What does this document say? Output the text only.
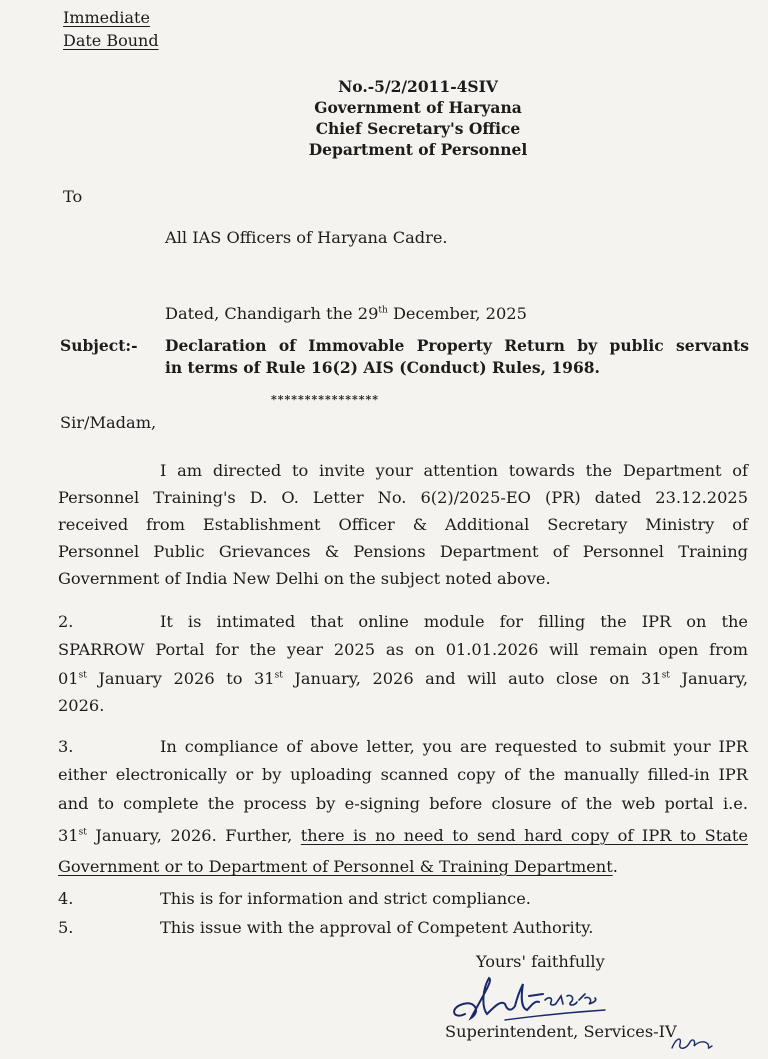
Immediate
Date Bound
No.-5/2/2011-4SIV
Government of Haryana
Chief Secretary's Office
Department of Personnel
To
All IAS Officers of Haryana Cadre.
Dated, Chandigarh the 29th December, 2025
Subject:- Declaration of Immovable Property Return by public servants
in terms of Rule 16(2) AIS (Conduct) Rules, 1968.
****************
Sir/Madam,
I am directed to invite your attention towards the Department of
Personnel Training's D. O. Letter No. 6(2)/2025-EO (PR) dated 23.12.2025
received from Establishment Officer & Additional Secretary Ministry of
Personnel Public Grievances & Pensions Department of Personnel Training
Government of India New Delhi on the subject noted above.
2.	It is intimated that online module for filling the IPR on the
SPARROW Portal for the year 2025 as on 01.01.2026 will remain open from
01st January 2026 to 31st January, 2026 and will auto close on 31st January,
2026.
3.	In compliance of above letter, you are requested to submit your IPR
either electronically or by uploading scanned copy of the manually filled-in IPR
and to complete the process by e-signing before closure of the web portal i.e.
31st January, 2026. Further, there is no need to send hard copy of IPR to State
Government or to Department of Personnel & Training Department.
4.	This is for information and strict compliance.
5.	This issue with the approval of Competent Authority.
Yours' faithfully
Superintendent, Services-IV
